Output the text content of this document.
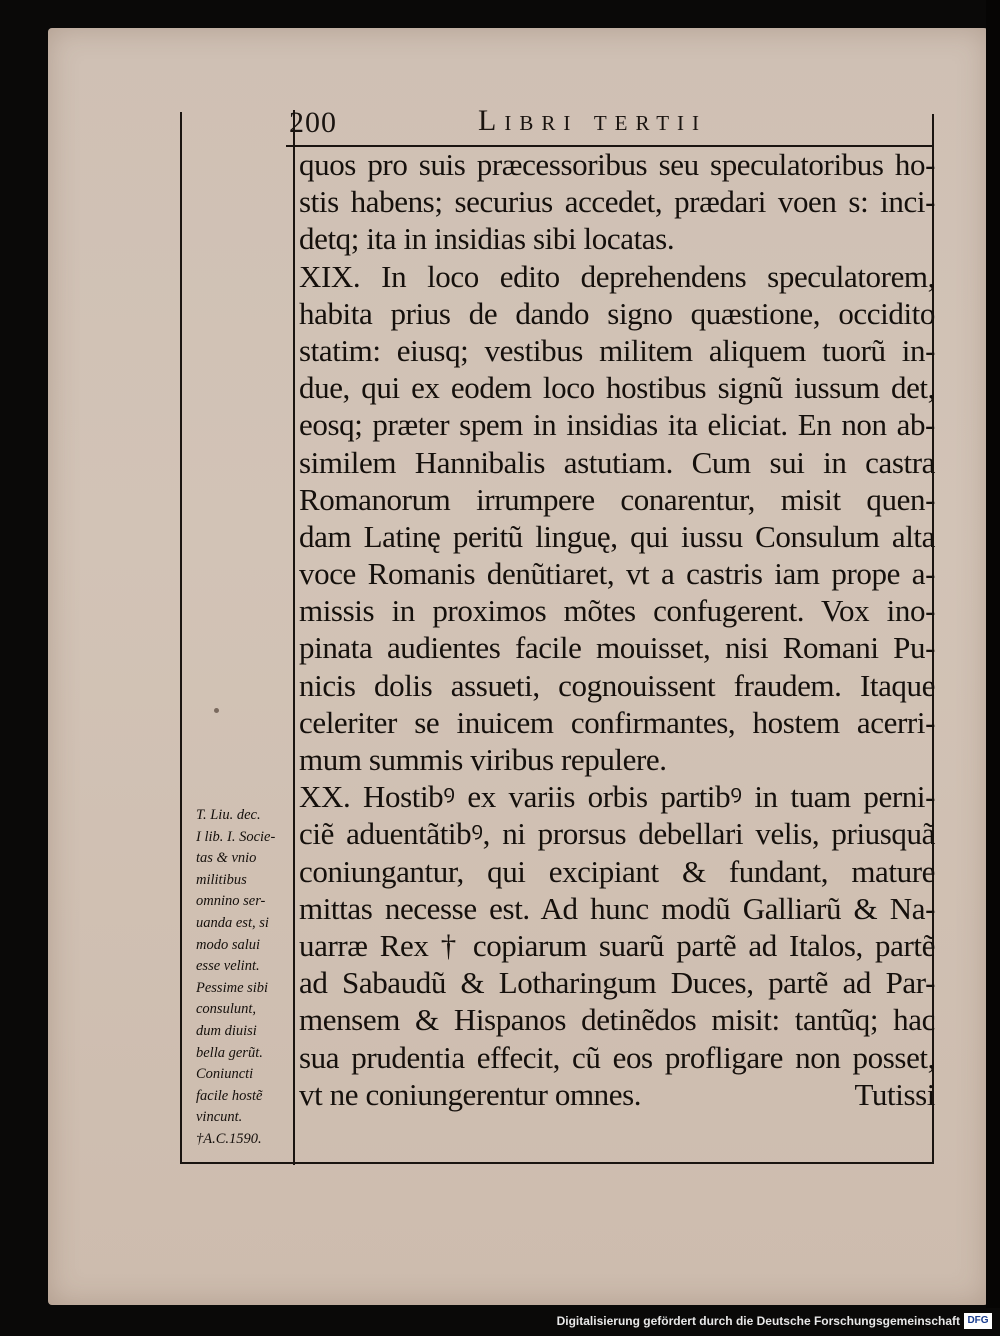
200	Libri tertii
quos pro suis præcessoribus seu speculatoribus ho-
stis habens; securius accedet, prædari voen s: inci-
detq; ita in insidias sibi locatas.
XIX. In loco edito deprehendens speculatorem,
habita prius de dando signo quæstione, occidito
statim: eiusq; vestibus militem aliquem tuorũ in-
due, qui ex eodem loco hostibus signũ iussum det,
eosq; præter spem in insidias ita eliciat. En non ab-
similem Hannibalis astutiam. Cum sui in castra
Romanorum irrumpere conarentur, misit quen-
dam Latinę peritũ linguę, qui iussu Consulum alta
voce Romanis denũtiaret, vt a castris iam prope a-
missis in proximos mõtes confugerent. Vox ino-
pinata audientes facile mouisset, nisi Romani Pu-
nicis dolis assueti, cognouissent fraudem. Itaque
celeriter se inuicem confirmantes, hostem acerri-
mum summis viribus repulere.
XX. Hostibꝰ ex variis orbis partibꝰ in tuam perni-
ciẽ aduentãtibꝰ, ni prorsus debellari velis, priusquã
coniungantur, qui excipiant & fundant, mature
mittas necesse est. Ad hunc modũ Galliarũ & Na-
uarræ Rex † copiarum suarũ partẽ ad Italos, partẽ
ad Sabaudũ & Lotharingum Duces, partẽ ad Par-
mensem & Hispanos detinẽdos misit: tantũq; hac
sua prudentia effecit, cũ eos profligare non posset,
vt ne coniungerentur omnes.	Tutissi
T. Liu. dec.
I lib. I. Socie-
tas & vnio
militibus
omnino ser-
uanda est, si
modo salui
esse velint.
Pessime sibi
consulunt,
dum diuisi
bella gerũt.
Coniuncti
facile hostẽ
vincunt.
†A.C.1590.
Digitalisierung gefördert durch die Deutsche Forschungsgemeinschaft DFG
